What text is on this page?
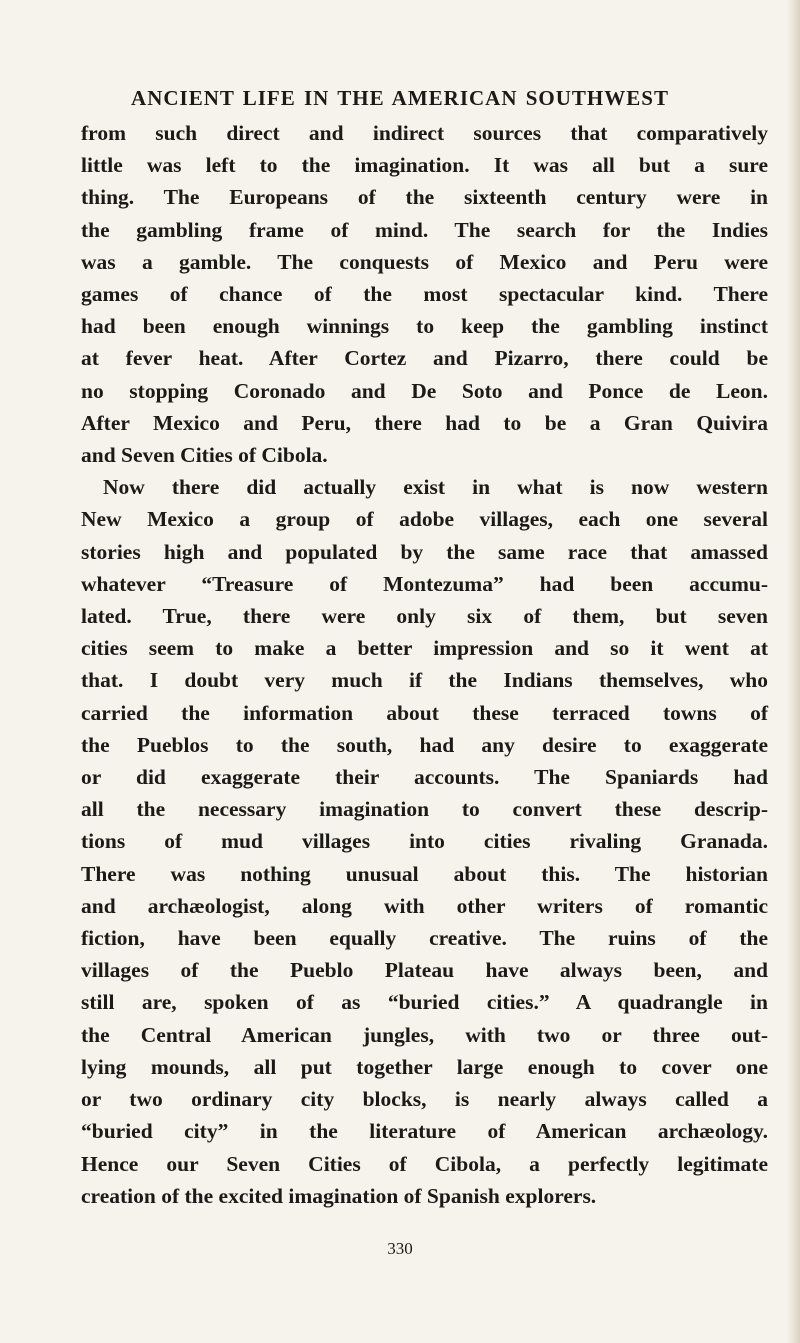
ANCIENT LIFE IN THE AMERICAN SOUTHWEST

from such direct and indirect sources that comparatively
little was left to the imagination. It was all but a sure
thing. The Europeans of the sixteenth century were in
the gambling frame of mind. The search for the Indies
was a gamble. The conquests of Mexico and Peru were
games of chance of the most spectacular kind. There
had been enough winnings to keep the gambling instinct
at fever heat. After Cortez and Pizarro, there could be
no stopping Coronado and De Soto and Ponce de Leon.
After Mexico and Peru, there had to be a Gran Quivira
and Seven Cities of Cibola.

Now there did actually exist in what is now western
New Mexico a group of adobe villages, each one several
stories high and populated by the same race that amassed
whatever “Treasure of Montezuma” had been accumu-
lated. True, there were only six of them, but seven
cities seem to make a better impression and so it went at
that. I doubt very much if the Indians themselves, who
carried the information about these terraced towns of
the Pueblos to the south, had any desire to exaggerate
or did exaggerate their accounts. The Spaniards had
all the necessary imagination to convert these descrip-
tions of mud villages into cities rivaling Granada.
There was nothing unusual about this. The historian
and archæologist, along with other writers of romantic
fiction, have been equally creative. The ruins of the
villages of the Pueblo Plateau have always been, and
still are, spoken of as “buried cities.” A quadrangle in
the Central American jungles, with two or three out-
lying mounds, all put together large enough to cover one
or two ordinary city blocks, is nearly always called a
“buried city” in the literature of American archæology.
Hence our Seven Cities of Cibola, a perfectly legitimate
creation of the excited imagination of Spanish explorers.

330
